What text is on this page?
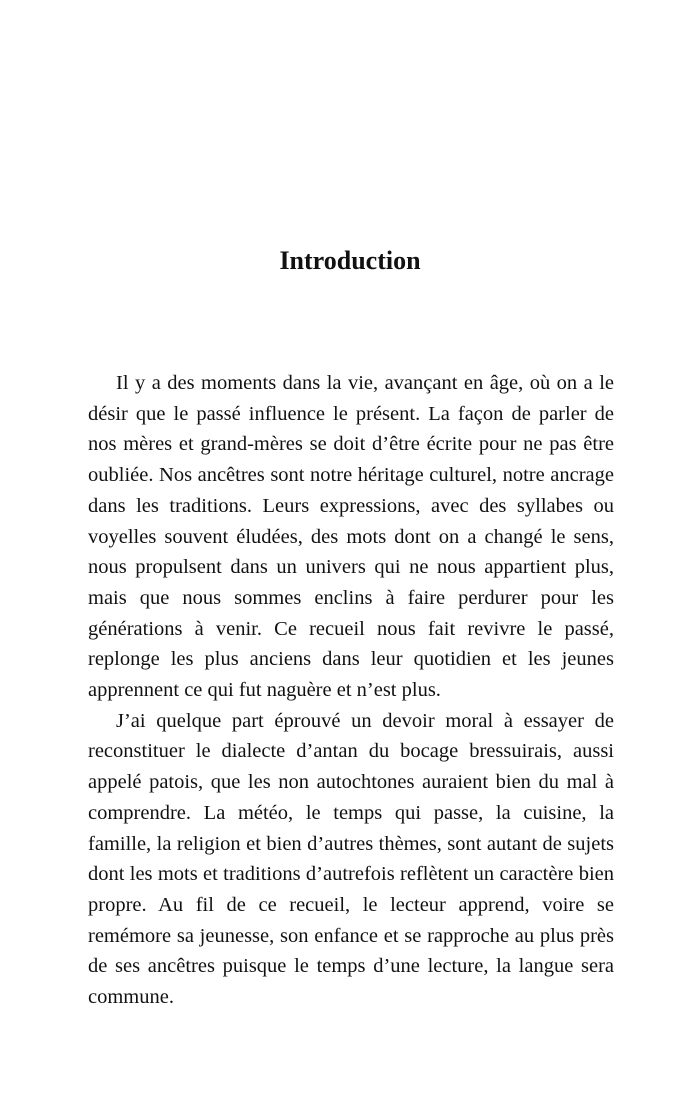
Introduction

Il y a des moments dans la vie, avançant en âge, où on a le désir que le passé influence le présent. La façon de parler de nos mères et grand-mères se doit d’être écrite pour ne pas être oubliée. Nos ancêtres sont notre héritage culturel, notre ancrage dans les traditions. Leurs expressions, avec des syllabes ou voyelles souvent éludées, des mots dont on a changé le sens, nous propulsent dans un univers qui ne nous appartient plus, mais que nous sommes enclins à faire perdurer pour les générations à venir. Ce recueil nous fait revivre le passé, replonge les plus anciens dans leur quotidien et les jeunes apprennent ce qui fut naguère et n’est plus.

J’ai quelque part éprouvé un devoir moral à essayer de reconstituer le dialecte d’antan du bocage bressuirais, aussi appelé patois, que les non autochtones auraient bien du mal à comprendre. La météo, le temps qui passe, la cuisine, la famille, la religion et bien d’autres thèmes, sont autant de sujets dont les mots et traditions d’autrefois reflètent un caractère bien propre. Au fil de ce recueil, le lecteur apprend, voire se remémore sa jeunesse, son enfance et se rapproche au plus près de ses ancêtres puisque le temps d’une lecture, la langue sera commune.
